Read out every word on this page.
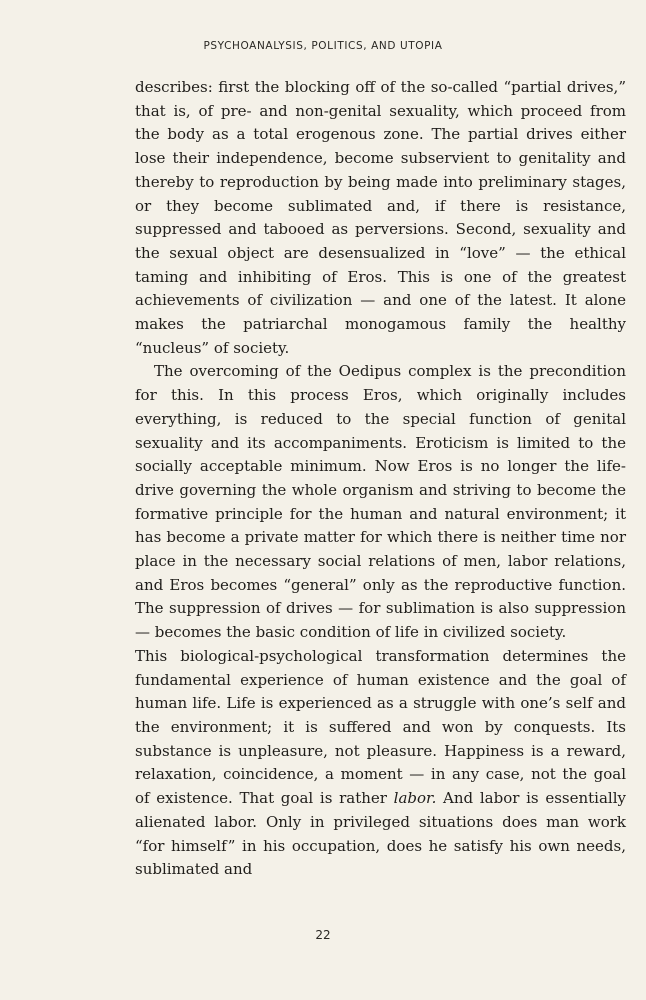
PSYCHOANALYSIS, POLITICS, AND UTOPIA

describes: first the blocking off of the so-called “partial drives,” that is, of pre- and non-genital sexuality, which proceed from the body as a total erogenous zone. The partial drives either lose their independence, become subservient to genitality and thereby to reproduction by being made into preliminary stages, or they become sublimated and, if there is resistance, suppressed and tabooed as perversions. Second, sexuality and the sexual object are desensualized in “love” — the ethical taming and inhibiting of Eros. This is one of the greatest achievements of civilization — and one of the latest. It alone makes the patriarchal monogamous family the healthy “nucleus” of society.

The overcoming of the Oedipus complex is the precondition for this. In this process Eros, which originally includes everything, is reduced to the special function of genital sexuality and its accompaniments. Eroticism is limited to the socially acceptable minimum. Now Eros is no longer the life-drive governing the whole organism and striving to become the formative principle for the human and natural environment; it has become a private matter for which there is neither time nor place in the necessary social relations of men, labor relations, and Eros becomes “general” only as the reproductive function. The suppression of drives — for sublimation is also suppression — becomes the basic condition of life in civilized society.

This biological-psychological transformation determines the fundamental experience of human existence and the goal of human life. Life is experienced as a struggle with one’s self and the environment; it is suffered and won by conquests. Its substance is unpleasure, not pleasure. Happiness is a reward, relaxation, coincidence, a moment — in any case, not the goal of existence. That goal is rather labor. And labor is essentially alienated labor. Only in privileged situations does man work “for himself” in his occupation, does he satisfy his own needs, sublimated and

22
